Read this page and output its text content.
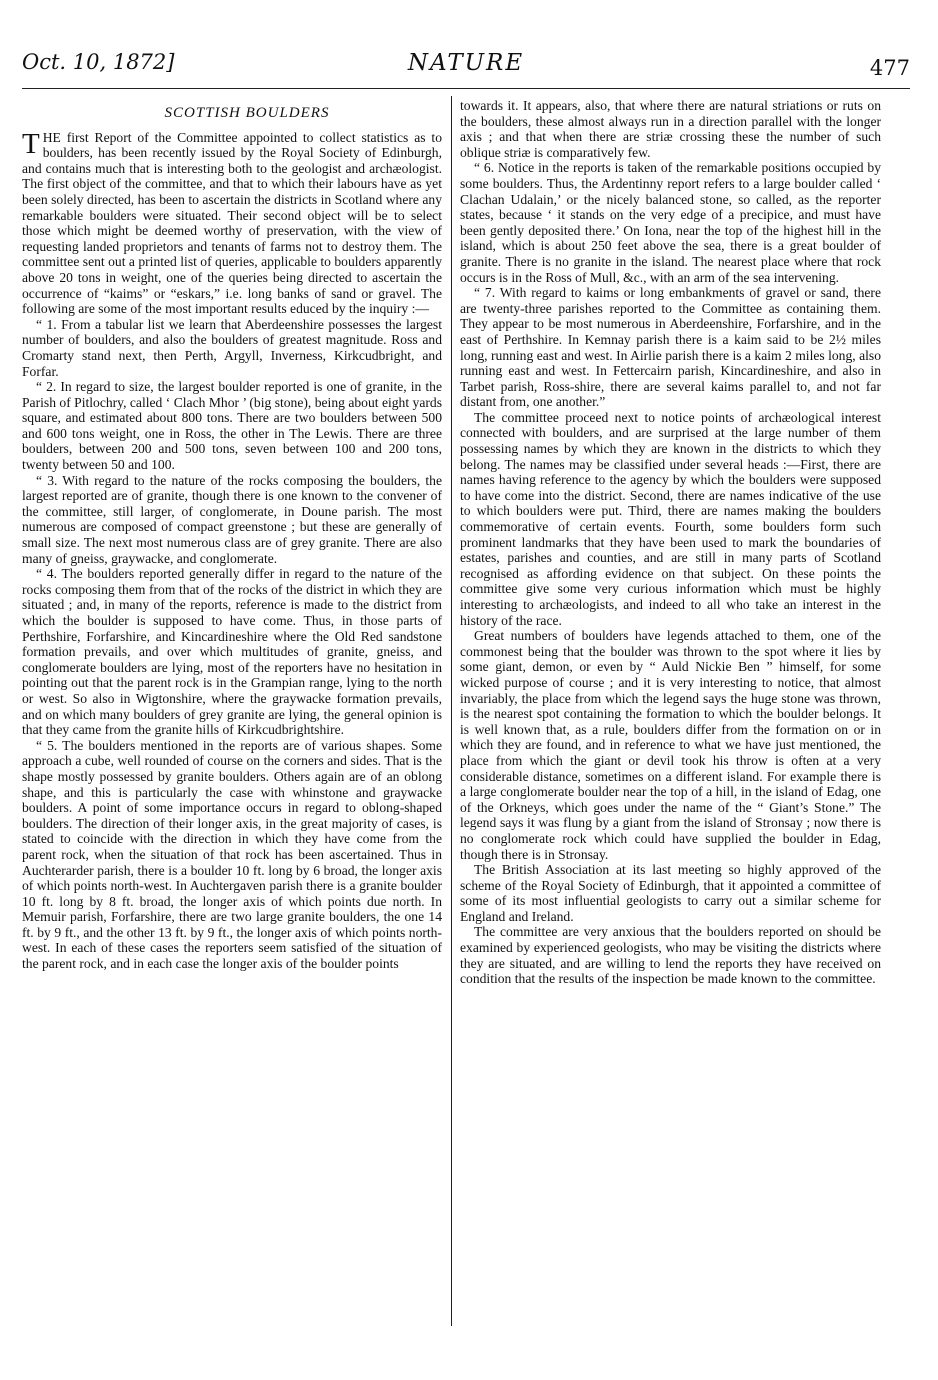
Oct. 10, 1872]	NATURE	477
SCOTTISH BOULDERS

THE first Report of the Committee appointed to collect statistics as to boulders, has been recently issued by the Royal Society of Edinburgh, and contains much that is interesting both to the geologist and archæologist. The first object of the committee, and that to which their labours have as yet been solely directed, has been to ascertain the districts in Scotland where any remarkable boulders were situated. Their second object will be to select those which might be deemed worthy of preservation, with the view of requesting landed proprietors and tenants of farms not to destroy them. The committee sent out a printed list of queries, applicable to boulders apparently above 20 tons in weight, one of the queries being directed to ascertain the occurrence of “kaims” or “eskars,” i.e. long banks of sand or gravel. The following are some of the most important results educed by the inquiry :—

“ 1. From a tabular list we learn that Aberdeenshire possesses the largest number of boulders, and also the boulders of greatest magnitude. Ross and Cromarty stand next, then Perth, Argyll, Inverness, Kirkcudbright, and Forfar.

“ 2. In regard to size, the largest boulder reported is one of granite, in the Parish of Pitlochry, called ‘ Clach Mhor ’ (big stone), being about eight yards square, and estimated about 800 tons. There are two boulders between 500 and 600 tons weight, one in Ross, the other in The Lewis. There are three boulders, between 200 and 500 tons, seven between 100 and 200 tons, twenty between 50 and 100.

“ 3. With regard to the nature of the rocks composing the boulders, the largest reported are of granite, though there is one known to the convener of the committee, still larger, of conglomerate, in Doune parish. The most numerous are composed of compact greenstone ; but these are generally of small size. The next most numerous class are of grey granite. There are also many of gneiss, graywacke, and conglomerate.

“ 4. The boulders reported generally differ in regard to the nature of the rocks composing them from that of the rocks of the district in which they are situated ; and, in many of the reports, reference is made to the district from which the boulder is supposed to have come. Thus, in those parts of Perthshire, Forfarshire, and Kincardineshire where the Old Red sandstone formation prevails, and over which multitudes of granite, gneiss, and conglomerate boulders are lying, most of the reporters have no hesitation in pointing out that the parent rock is in the Grampian range, lying to the north or west. So also in Wigtonshire, where the graywacke formation prevails, and on which many boulders of grey granite are lying, the general opinion is that they came from the granite hills of Kirkcudbrightshire.

“ 5. The boulders mentioned in the reports are of various shapes. Some approach a cube, well rounded of course on the corners and sides. That is the shape mostly possessed by granite boulders. Others again are of an oblong shape, and this is particularly the case with whinstone and graywacke boulders. A point of some importance occurs in regard to oblong-shaped boulders. The direction of their longer axis, in the great majority of cases, is stated to coincide with the direction in which they have come from the parent rock, when the situation of that rock has been ascertained. Thus in Auchterarder parish, there is a boulder 10 ft. long by 6 broad, the longer axis of which points north-west. In Auchtergaven parish there is a granite boulder 10 ft. long by 8 ft. broad, the longer axis of which points due north. In Memuir parish, Forfarshire, there are two large granite boulders, the one 14 ft. by 9 ft., and the other 13 ft. by 9 ft., the longer axis of which points north-west. In each of these cases the reporters seem satisfied of the situation of the parent rock, and in each case the longer axis of the boulder points

towards it. It appears, also, that where there are natural striations or ruts on the boulders, these almost always run in a direction parallel with the longer axis ; and that when there are striæ crossing these the number of such oblique striæ is comparatively few.

“ 6. Notice in the reports is taken of the remarkable positions occupied by some boulders. Thus, the Ardentinny report refers to a large boulder called ‘ Clachan Udalain,’ or the nicely balanced stone, so called, as the reporter states, because ‘ it stands on the very edge of a precipice, and must have been gently deposited there.’ On Iona, near the top of the highest hill in the island, which is about 250 feet above the sea, there is a great boulder of granite. There is no granite in the island. The nearest place where that rock occurs is in the Ross of Mull, &c., with an arm of the sea intervening.

“ 7. With regard to kaims or long embankments of gravel or sand, there are twenty-three parishes reported to the Committee as containing them. They appear to be most numerous in Aberdeenshire, Forfarshire, and in the east of Perthshire. In Kemnay parish there is a kaim said to be 2½ miles long, running east and west. In Airlie parish there is a kaim 2 miles long, also running east and west. In Fettercairn parish, Kincardineshire, and also in Tarbet parish, Ross-shire, there are several kaims parallel to, and not far distant from, one another.”

The committee proceed next to notice points of archæological interest connected with boulders, and are surprised at the large number of them possessing names by which they are known in the districts to which they belong. The names may be classified under several heads :—First, there are names having reference to the agency by which the boulders were supposed to have come into the district. Second, there are names indicative of the use to which boulders were put. Third, there are names making the boulders commemorative of certain events. Fourth, some boulders form such prominent landmarks that they have been used to mark the boundaries of estates, parishes and counties, and are still in many parts of Scotland recognised as affording evidence on that subject. On these points the committee give some very curious information which must be highly interesting to archæologists, and indeed to all who take an interest in the history of the race.

Great numbers of boulders have legends attached to them, one of the commonest being that the boulder was thrown to the spot where it lies by some giant, demon, or even by “ Auld Nickie Ben ” himself, for some wicked purpose of course ; and it is very interesting to notice, that almost invariably, the place from which the legend says the huge stone was thrown, is the nearest spot containing the formation to which the boulder belongs. It is well known that, as a rule, boulders differ from the formation on or in which they are found, and in reference to what we have just mentioned, the place from which the giant or devil took his throw is often at a very considerable distance, sometimes on a different island. For example there is a large conglomerate boulder near the top of a hill, in the island of Edag, one of the Orkneys, which goes under the name of the “ Giant’s Stone.” The legend says it was flung by a giant from the island of Stronsay ; now there is no conglomerate rock which could have supplied the boulder in Edag, though there is in Stronsay.

The British Association at its last meeting so highly approved of the scheme of the Royal Society of Edinburgh, that it appointed a committee of some of its most influential geologists to carry out a similar scheme for England and Ireland.

The committee are very anxious that the boulders reported on should be examined by experienced geologists, who may be visiting the districts where they are situated, and are willing to lend the reports they have received on condition that the results of the inspection be made known to the committee.
